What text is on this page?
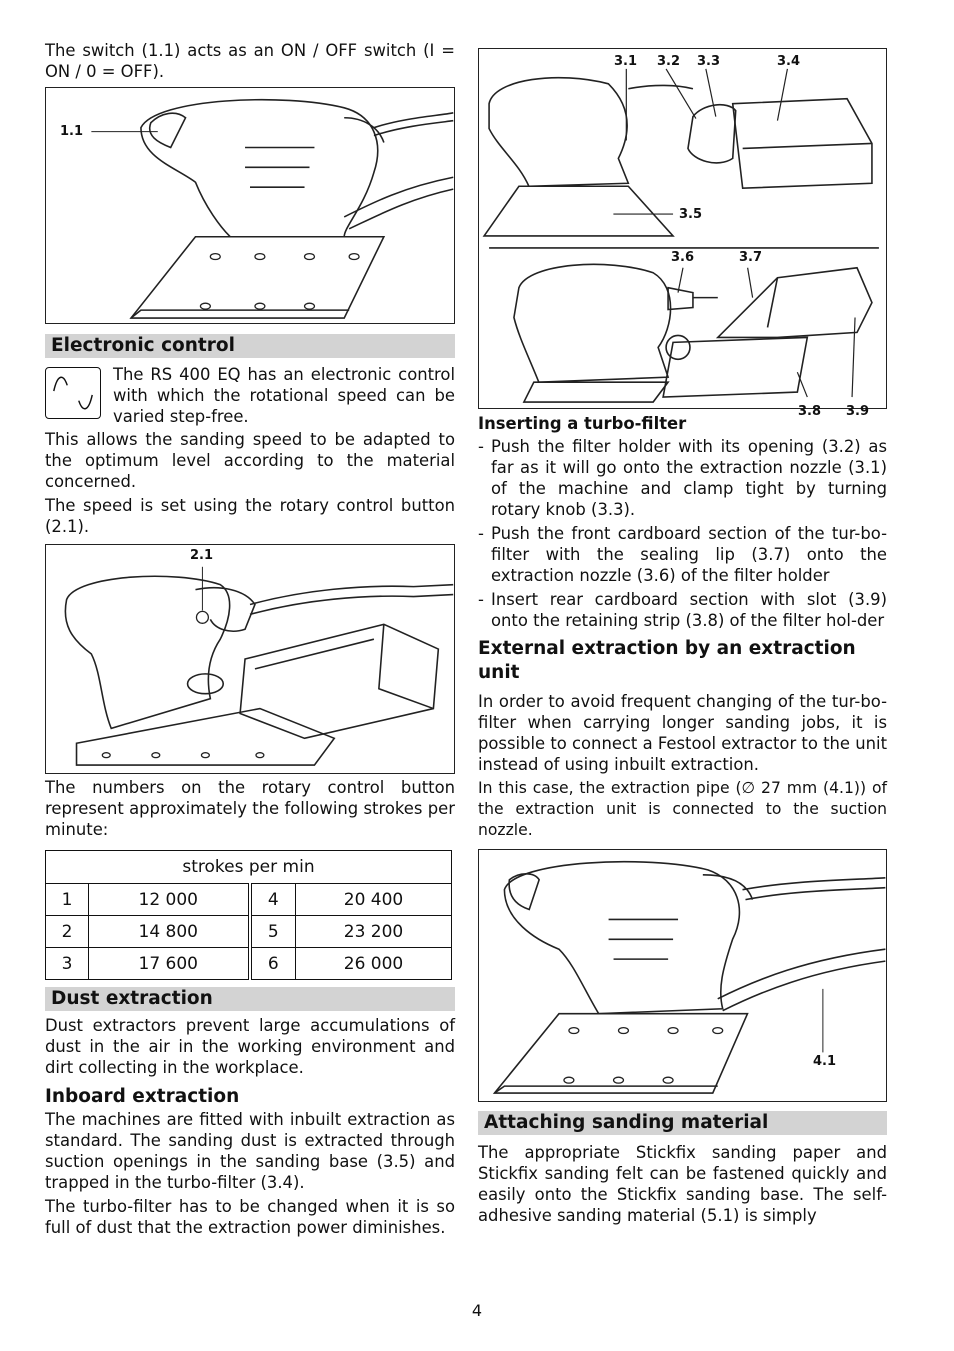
The switch (1.1) acts as an ON / OFF switch (I = ON / 0 = OFF).

1.1
Electronic control

The RS 400 EQ has an electronic control with which the rotational speed can be varied step-free.

This allows the sanding speed to be adapted to the optimum level according to the material concerned.

The speed is set using the rotary control button (2.1).

2.1

The numbers on the rotary control button represent approximately the following strokes per minute:

strokes per min			
1	12 000	4	20 400
2	14 800	5	23 200
3	17 600	6	26 000
Dust extraction

Dust extractors prevent large accumulations of dust in the air in the working environment and dirt collecting in the workplace.

Inboard extraction

The machines are fitted with inbuilt extraction as standard. The sanding dust is extracted through suction openings in the sanding base (3.5) and trapped in the turbo-filter (3.4).

The turbo-filter has to be changed when it is so full of dust that the extraction power diminishes.

3.1 3.2 3.3	3.4
3.5
3.6	3.7
3.8 3.9
Inserting a turbo-filter
- Push the filter holder with its opening (3.2) as far as it will go onto the extraction nozzle (3.1) of the machine and clamp tight by turning rotary knob (3.3).
- Push the front cardboard section of the tur-bo-filter with the sealing lip (3.7) onto the extraction nozzle (3.6) of the filter holder
- Insert rear cardboard section with slot (3.9) onto the retaining strip (3.8) of the filter hol-der
External extraction by an extraction unit

In order to avoid frequent changing of the tur-bo-filter when carrying longer sanding jobs, it is possible to connect a Festool extractor to the unit instead of using inbuilt extraction.

In this case, the extraction pipe (∅ 27 mm (4.1)) of the extraction unit is connected to the suction nozzle.

4.1
Attaching sanding material

The appropriate Stickfix sanding paper and Stickfix sanding felt can be fastened quickly and easily onto the Stickfix sanding base. The self-adhesive sanding material (5.1) is simply

4
